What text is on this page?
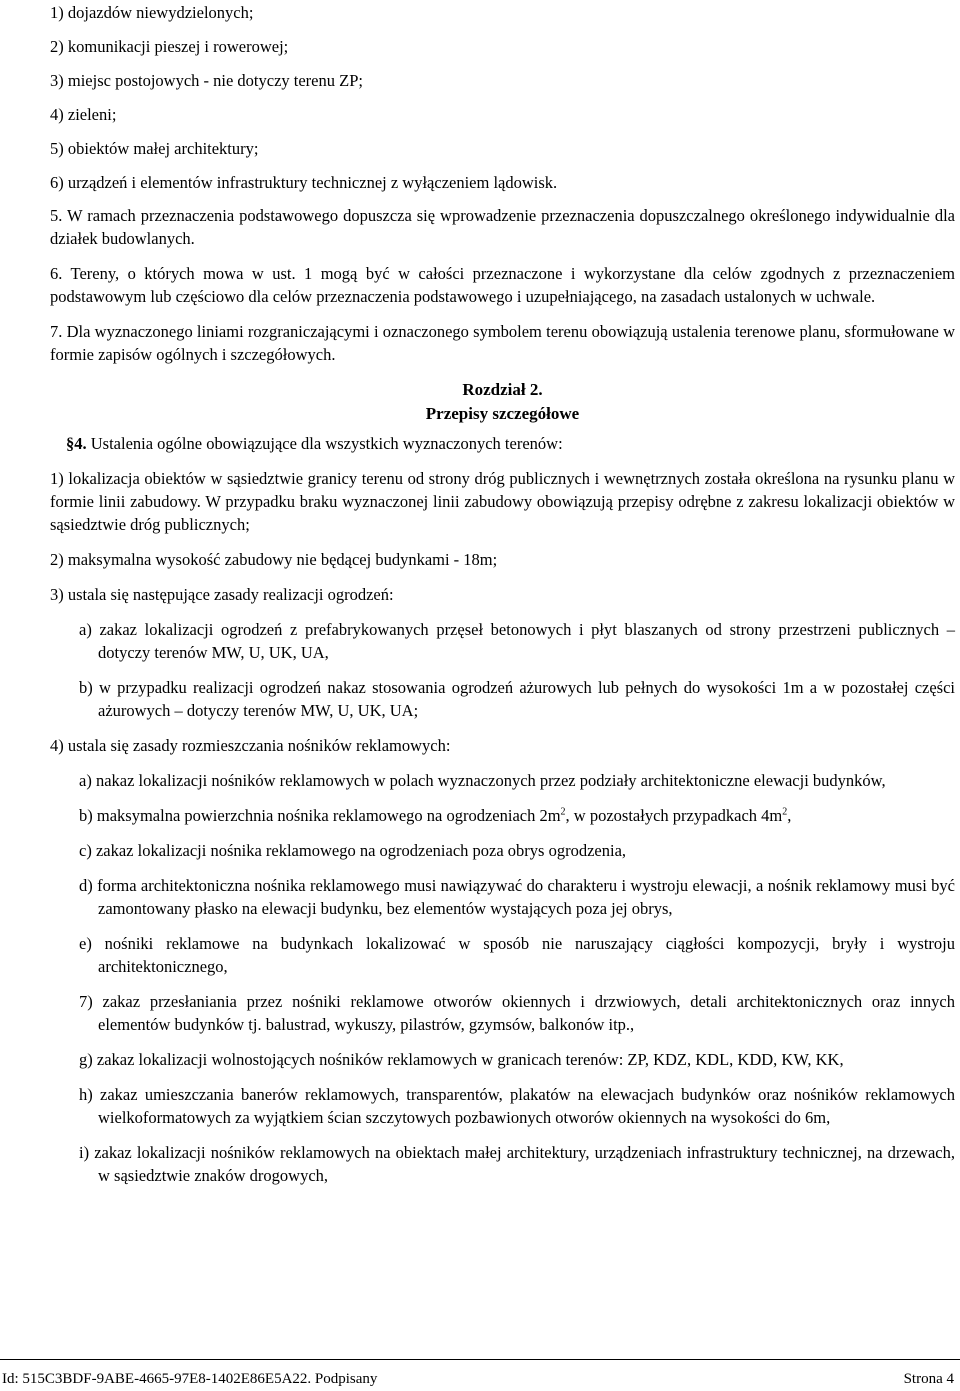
1) dojazdów niewydzielonych;
2) komunikacji pieszej i rowerowej;
3) miejsc postojowych - nie dotyczy terenu ZP;
4) zieleni;
5) obiektów małej architektury;
6) urządzeń i elementów infrastruktury technicznej z wyłączeniem lądowisk.
5. W ramach przeznaczenia podstawowego dopuszcza się wprowadzenie przeznaczenia dopuszczalnego określonego indywidualnie dla działek budowlanych.
6. Tereny, o których mowa w ust. 1 mogą być w całości przeznaczone i wykorzystane dla celów zgodnych z przeznaczeniem podstawowym lub częściowo dla celów przeznaczenia podstawowego i uzupełniającego, na zasadach ustalonych w uchwale.
7. Dla wyznaczonego liniami rozgraniczającymi i oznaczonego symbolem terenu obowiązują ustalenia terenowe planu, sformułowane w formie zapisów ogólnych i szczegółowych.
Rozdział 2.
Przepisy szczegółowe
§4. Ustalenia ogólne obowiązujące dla wszystkich wyznaczonych terenów:
1) lokalizacja obiektów w sąsiedztwie granicy terenu od strony dróg publicznych i wewnętrznych została określona na rysunku planu w formie linii zabudowy. W przypadku braku wyznaczonej linii zabudowy obowiązują przepisy odrębne z zakresu lokalizacji obiektów w sąsiedztwie dróg publicznych;
2) maksymalna wysokość zabudowy nie będącej budynkami - 18m;
3) ustala się następujące zasady realizacji ogrodzeń:
a) zakaz lokalizacji ogrodzeń z prefabrykowanych przęseł betonowych i płyt blaszanych od strony przestrzeni publicznych – dotyczy terenów MW, U, UK, UA,
b) w przypadku realizacji ogrodzeń nakaz stosowania ogrodzeń ażurowych lub pełnych do wysokości 1m a w pozostałej części ażurowych – dotyczy terenów MW, U, UK, UA;
4) ustala się zasady rozmieszczania nośników reklamowych:
a) nakaz lokalizacji nośników reklamowych w polach wyznaczonych przez podziały architektoniczne elewacji budynków,
b) maksymalna powierzchnia nośnika reklamowego na ogrodzeniach $2m^2$, w pozostałych przypadkach $4m^2$,
c) zakaz lokalizacji nośnika reklamowego na ogrodzeniach poza obrys ogrodzenia,
d) forma architektoniczna nośnika reklamowego musi nawiązywać do charakteru i wystroju elewacji, a nośnik reklamowy musi być zamontowany płasko na elewacji budynku, bez elementów wystających poza jej obrys,
e) nośniki reklamowe na budynkach lokalizować w sposób nie naruszający ciągłości kompozycji, bryły i wystroju architektonicznego,
7) zakaz przesłaniania przez nośniki reklamowe otworów okiennych i drzwiowych, detali architektonicznych oraz innych elementów budynków tj. balustrad, wykuszy, pilastrów, gzymsów, balkonów itp.,
g) zakaz lokalizacji wolnostojących nośników reklamowych w granicach terenów: ZP, KDZ, KDL, KDD, KW, KK,
h) zakaz umieszczania banerów reklamowych, transparentów, plakatów na elewacjach budynków oraz nośników reklamowych wielkoformatowych za wyjątkiem ścian szczytowych pozbawionych otworów okiennych na wysokości do 6m,
i) zakaz lokalizacji nośników reklamowych na obiektach małej architektury, urządzeniach infrastruktury technicznej, na drzewach, w sąsiedztwie znaków drogowych,
Id: 515C3BDF-9ABE-4665-97E8-1402E86E5A22. Podpisany	Strona 4
